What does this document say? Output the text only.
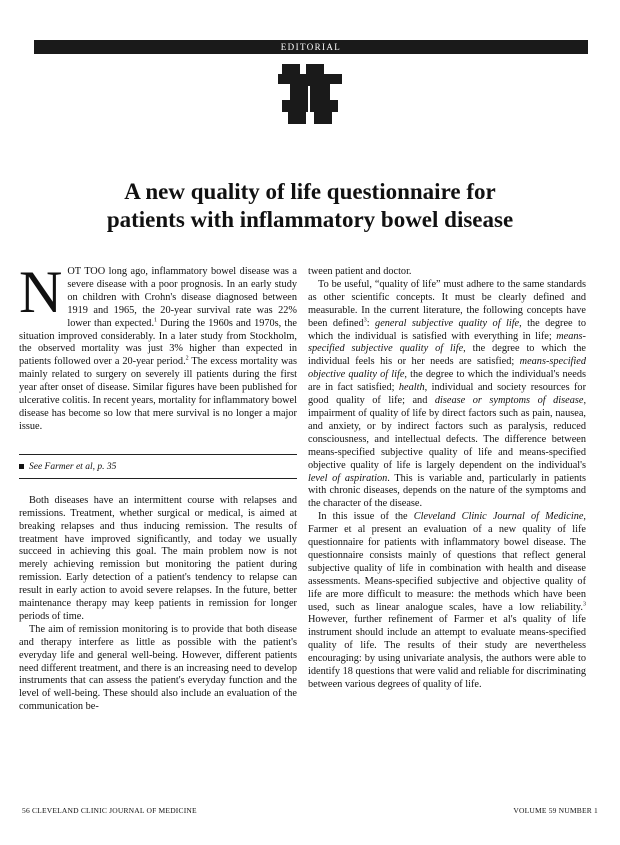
EDITORIAL
A new quality of life questionnaire for
patients with inflammatory bowel disease

NOT TOO long ago, inflammatory bowel disease was a severe disease with a poor prognosis. In an early study on children with Crohn's disease diagnosed between 1919 and 1965, the 20-year survival rate was 22% lower than expected.$^1$ During the 1960s and 1970s, the situation improved considerably. In a later study from Stockholm, the observed mortality was just 3% higher than expected in patients followed over a 20-year period.$^2$ The excess mortality was mainly related to surgery on severely ill patients during the first year after onset of disease. Similar figures have been published for ulcerative colitis. In recent years, mortality for inflammatory bowel disease has become so low that mere survival is no longer a major issue.

See Farmer et al, p. 35

Both diseases have an intermittent course with relapses and remissions. Treatment, whether surgical or medical, is aimed at breaking relapses and thus inducing remission. The results of treatment have improved significantly, and today we usually succeed in achieving this goal. The main problem now is not merely achieving remission but monitoring the patient during remission. Early detection of a patient's tendency to relapse can result in early action to avoid severe relapses. In the future, better maintenance therapy may keep patients in remission for longer periods of time.

The aim of remission monitoring is to provide that both disease and therapy interfere as little as possible with the patient's everyday life and general well-being. However, different patients need different treatment, and there is an increasing need to develop instruments that can assess the patient's everyday function and the level of well-being. These should also include an evaluation of the communication be-

tween patient and doctor.

To be useful, “quality of life” must adhere to the same standards as other scientific concepts. It must be clearly defined and measurable. In the current literature, the following concepts have been defined$^3$: general subjective quality of life, the degree to which the individual is satisfied with everything in life; means-specified subjective quality of life, the degree to which the individual feels his or her needs are satisfied; means-specified objective quality of life, the degree to which the individual's needs are in fact satisfied; health, individual and society resources for good quality of life; and disease or symptoms of disease, impairment of quality of life by direct factors such as pain, nausea, and anxiety, or by indirect factors such as paralysis, reduced consciousness, and intellectual defects. The difference between means-specified subjective quality of life and means-specified objective quality of life is largely dependent on the individual's level of aspiration. This is variable and, particularly in patients with chronic diseases, depends on the nature of the symptoms and the character of the disease.

In this issue of the Cleveland Clinic Journal of Medicine, Farmer et al present an evaluation of a new quality of life questionnaire for patients with inflammatory bowel disease. The questionnaire consists mainly of questions that reflect general subjective quality of life in combination with health and disease assessments. Means-specified subjective and objective quality of life are more difficult to measure: the methods which have been used, such as linear analogue scales, have a low reliability.$^3$ However, further refinement of Farmer et al's quality of life instrument should include an attempt to evaluate means-specified quality of life. The results of their study are nevertheless encouraging: by using univariate analysis, the authors were able to identify 18 questions that were valid and reliable for discriminating between various degrees of quality of life.

56 CLEVELAND CLINIC JOURNAL OF MEDICINE	VOLUME 59 NUMBER 1
